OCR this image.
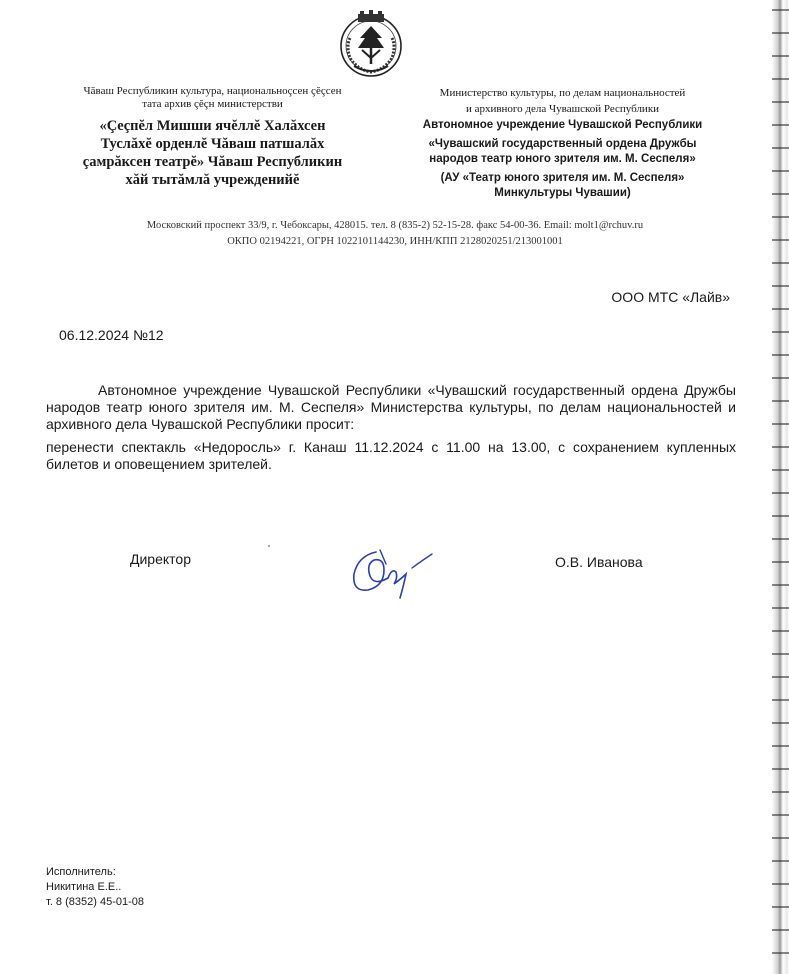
Чăваш Республикин культура, национальноçсен çĕçсен
тата архив çĕçн министерстви
«Çеçпĕл Мишши ячĕллĕ Халăхсен
Туслăхĕ орденлĕ Чăваш патшалăх
çамрăксен театрĕ» Чăваш Республикин
хăй тытăмлă учрежденийĕ
Министерство культуры, по делам национальностей
и архивного дела Чувашской Республики
Автономное учреждение Чувашской Республики
«Чувашский государственный ордена Дружбы
народов театр юного зрителя им. М. Сеспеля»
(АУ «Театр юного зрителя им. М. Сеспеля»
Минкультуры Чувашии)
Московский проспект 33/9, г. Чебоксары, 428015. тел. 8 (835-2) 52-15-28. факс 54-00-36. Email: molt1@rchuv.ru
ОКПО 02194221, ОГРН 1022101144230, ИНН/КПП 2128020251/213001001
ООО МТС «Лайв»
06.12.2024 №12

Автономное учреждение Чувашской Республики «Чувашский государственный ордена Дружбы народов театр юного зрителя им. М. Сеспеля» Министерства культуры, по делам национальностей и архивного дела Чувашской Республики просит:

перенести спектакль «Недоросль» г. Канаш 11.12.2024 с 11.00 на 13.00, с сохранением купленных билетов и оповещением зрителей.

Директор	О.В. Иванова
Исполнитель:
Никитина Е.Е..
т. 8 (8352) 45-01-08
